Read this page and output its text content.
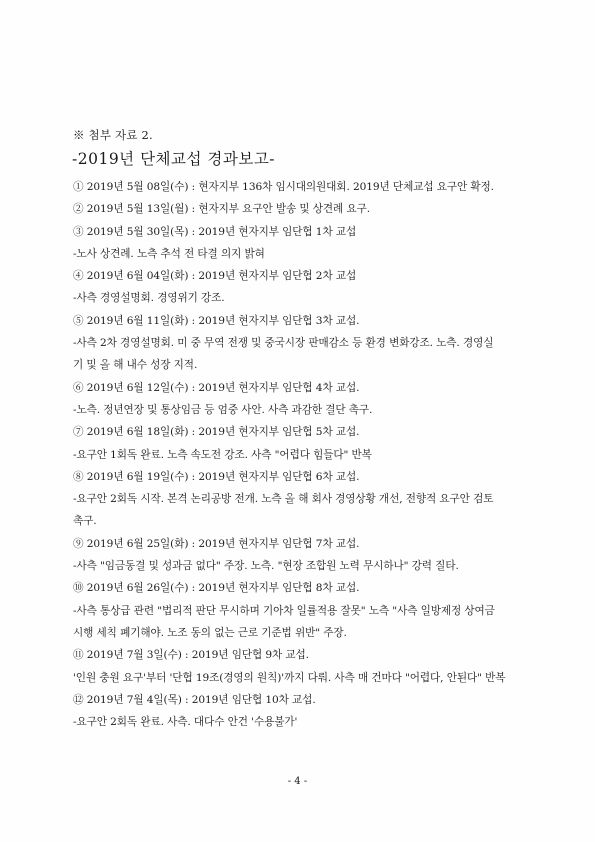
※ 첨부 자료 2.
-2019년 단체교섭 경과보고-
① 2019년 5월 08일(수) : 현자지부 136차 임시대의원대회. 2019년 단체교섭 요구안 확정.
② 2019년 5월 13일(월) : 현자지부 요구안 발송 및 상견례 요구.
③ 2019년 5월 30일(목) : 2019년 현자지부 임단협 1차 교섭
-노사 상견례. 노측 추석 전 타결 의지 밝혀
④ 2019년 6월 04일(화) : 2019년 현자지부 임단협 2차 교섭
-사측 경영설명회. 경영위기 강조.
⑤ 2019년 6월 11일(화) : 2019년 현자지부 임단협 3차 교섭.
-사측 2차 경영설명회. 미 중 무역 전쟁 및 중국시장 판매감소 등 환경 변화강조. 노측. 경영실
기 및 올 해 내수 성장 지적.
⑥ 2019년 6월 12일(수) : 2019년 현자지부 임단협 4차 교섭.
-노측. 정년연장 및 통상임금 등 엄중 사안. 사측 과감한 결단 촉구.
⑦ 2019년 6월 18일(화) : 2019년 현자지부 임단협 5차 교섭.
-요구안 1회독 완료. 노측 속도전 강조. 사측 "어렵다 힘들다" 반복
⑧ 2019년 6월 19일(수) : 2019년 현자지부 임단협 6차 교섭.
-요구안 2회독 시작. 본격 논리공방 전개. 노측 올 해 회사 경영상황 개선, 전향적 요구안 검토
촉구.
⑨ 2019년 6월 25일(화) : 2019년 현자지부 임단협 7차 교섭.
-사측 "임금동결 및 성과금 없다" 주장. 노측. "현장 조합원 노력 무시하나" 강력 질타.
⑩ 2019년 6월 26일(수) : 2019년 현자지부 임단협 8차 교섭.
-사측 통상급 관련 "법리적 판단 무시하며 기아차 일률적용 잘못" 노측 "사측 일방제정 상여금
시행 세칙 폐기해야. 노조 동의 없는 근로 기준법 위반" 주장.
⑪ 2019년 7월 3일(수) : 2019년 임단협 9차 교섭.
'인원 충원 요구'부터 '단협 19조(경영의 원칙)'까지 다뤄. 사측 매 건마다 "어렵다, 안된다" 반복
⑫ 2019년 7월 4일(목) : 2019년 임단협 10차 교섭.
-요구안 2회독 완료. 사측. 대다수 안건 '수용불가'
- 4 -
